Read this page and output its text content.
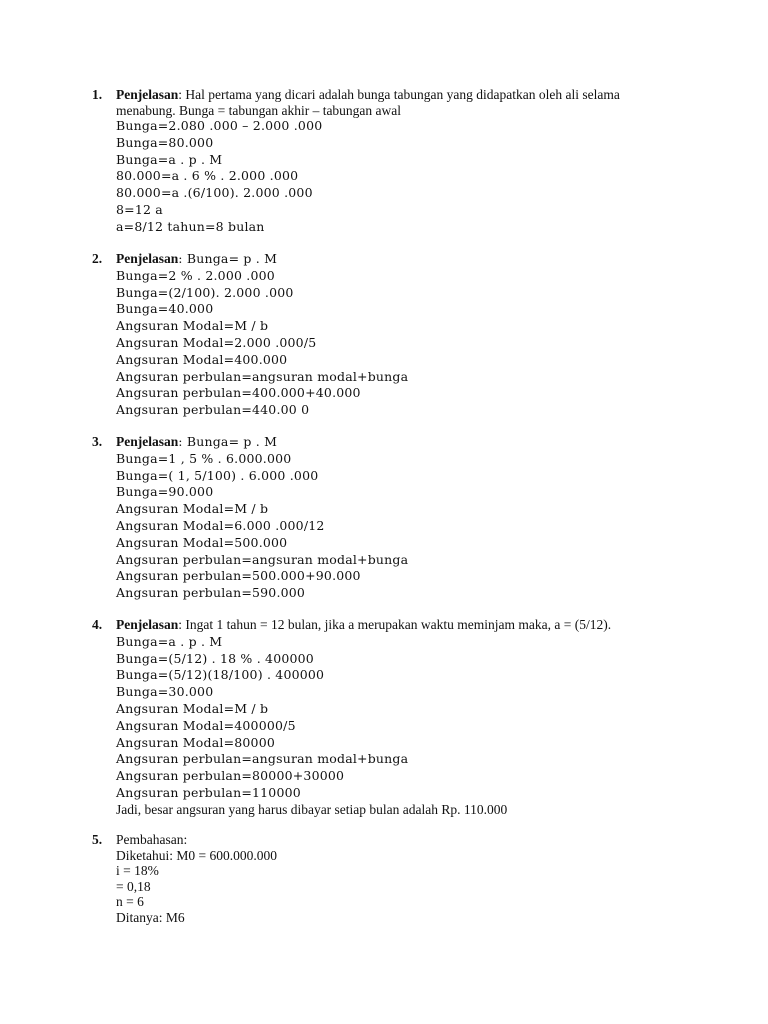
1. Penjelasan: Hal pertama yang dicari adalah bunga tabungan yang didapatkan oleh ali selama menabung. Bunga = tabungan akhir – tabungan awal
Bunga=2.080 .000 – 2.000 .000
Bunga=80.000
Bunga=a . p . M
80.000=a . 6 % . 2.000 .000
80.000=a .(6/100). 2.000 .000
8=12 a
a=8/12 tahun=8 bulan
2. Penjelasan: Bunga= p . M
Bunga=2 % . 2.000 .000
Bunga=(2/100). 2.000 .000
Bunga=40.000
Angsuran Modal=M / b
Angsuran Modal=2.000 .000/5
Angsuran Modal=400.000
Angsuran perbulan=angsuran modal+bunga
Angsuran perbulan=400.000+40.000
Angsuran perbulan=440.00 0
3. Penjelasan: Bunga= p . M
Bunga=1 , 5 % . 6.000.000
Bunga=( 1, 5/100) . 6.000 .000
Bunga=90.000
Angsuran Modal=M / b
Angsuran Modal=6.000 .000/12
Angsuran Modal=500.000
Angsuran perbulan=angsuran modal+bunga
Angsuran perbulan=500.000+90.000
Angsuran perbulan=590.000
4. Penjelasan: Ingat 1 tahun = 12 bulan, jika a merupakan waktu meminjam maka, a = (5/12).
Bunga=a . p . M
Bunga=(5/12) . 18 % . 400000
Bunga=(5/12)(18/100) . 400000
Bunga=30.000
Angsuran Modal=M / b
Angsuran Modal=400000/5
Angsuran Modal=80000
Angsuran perbulan=angsuran modal+bunga
Angsuran perbulan=80000+30000
Angsuran perbulan=110000
Jadi, besar angsuran yang harus dibayar setiap bulan adalah Rp. 110.000
5. Pembahasan:
Diketahui: M0 = 600.000.000
i = 18%
= 0,18
n = 6
Ditanya: M6
